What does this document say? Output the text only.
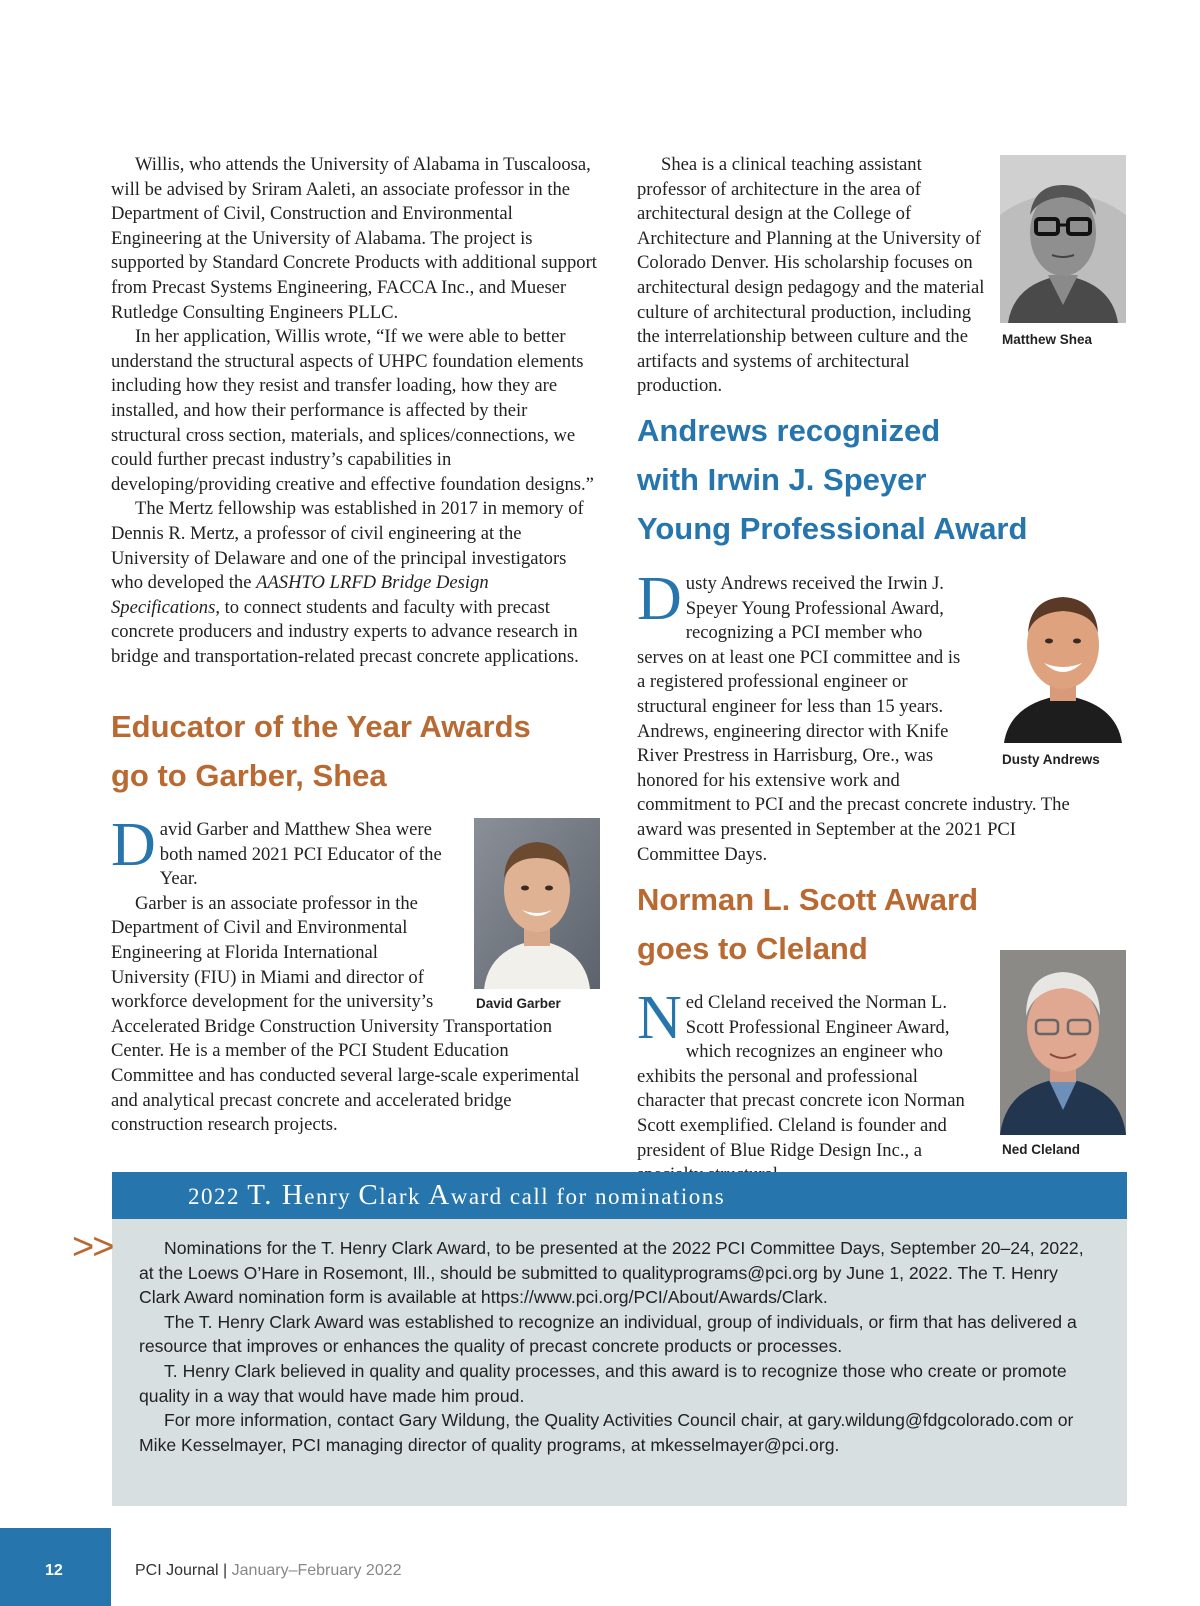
Willis, who attends the University of Alabama in Tuscaloosa, will be advised by Sriram Aaleti, an associate professor in the Department of Civil, Construction and Environmental Engineering at the University of Alabama. The project is supported by Standard Concrete Products with additional support from Precast Systems Engineering, FACCA Inc., and Mueser Rutledge Consulting Engineers PLLC.

In her application, Willis wrote, “If we were able to better understand the structural aspects of UHPC foundation elements including how they resist and transfer loading, how they are installed, and how their performance is affected by their structural cross section, materials, and splices/connections, we could further precast industry’s capabilities in developing/providing creative and effective foundation designs.”

The Mertz fellowship was established in 2017 in memory of Dennis R. Mertz, a professor of civil engineering at the University of Delaware and one of the principal investigators who developed the AASHTO LRFD Bridge Design Specifications, to connect students and faculty with precast concrete producers and industry experts to advance research in bridge and transportation-related precast concrete applications.

Educator of the Year Awards
go to Garber, Shea

David Garber and Matthew Shea were both named 2021 PCI Educator of the Year.

Garber is an associate professor in the Department of Civil and Environmental Engineering at Florida International University (FIU) in Miami and director of workforce development for the university’s Accelerated Bridge Construction University Transportation Center. He is a member of the PCI Student Education Committee and has conducted several large-scale experimental and analytical precast concrete and accelerated bridge construction research projects.

David Garber

Shea is a clinical teaching assistant professor of architecture in the area of architectural design at the College of Architecture and Planning at the University of Colorado Denver. His scholarship focuses on architectural design pedagogy and the material culture of architectural production, including the interrelationship between culture and the artifacts and systems of architectural production.

Matthew Shea
Andrews recognized
with Irwin J. Speyer
Young Professional Award

Dusty Andrews received the Irwin J. Speyer Young Professional Award, recognizing a PCI member who serves on at least one PCI committee and is a registered professional engineer or structural engineer for less than 15 years. Andrews, engineering director with Knife River Prestress in Harrisburg, Ore., was honored for his extensive work and commitment to PCI and the precast concrete industry. The award was presented in September at the 2021 PCI Committee Days.

Dusty Andrews
Norman L. Scott Award
goes to Cleland

Ned Cleland received the Norman L. Scott Professional Engineer Award, which recognizes an engineer who exhibits the personal and professional character that precast concrete icon Norman Scott exemplified. Cleland is founder and president of Blue Ridge Design Inc., a	Ned Cleland
2022 T. Henry Clark Award call for nominations
>>	Nominations for the T. Henry Clark Award, to be presented at the 2022 PCI Committee Days, September 20–24, 2022, at the Loews O’Hare in Rosemont, Ill., should be submitted to qualityprograms@pci.org by June 1, 2022. The T. Henry Clark Award nomination form is available at https://www.pci.org/PCI/About/Awards/Clark.

The T. Henry Clark Award was established to recognize an individual, group of individuals, or firm that has delivered a resource that improves or enhances the quality of precast concrete products or processes.

T. Henry Clark believed in quality and quality processes, and this award is to recognize those who create or promote quality in a way that would have made him proud.

For more information, contact Gary Wildung, the Quality Activities Council chair, at gary.wildung@fdgcolorado.com or Mike Kesselmayer, PCI managing director of quality programs, at mkesselmayer@pci.org.

12	PCI Journal | January–February 2022
